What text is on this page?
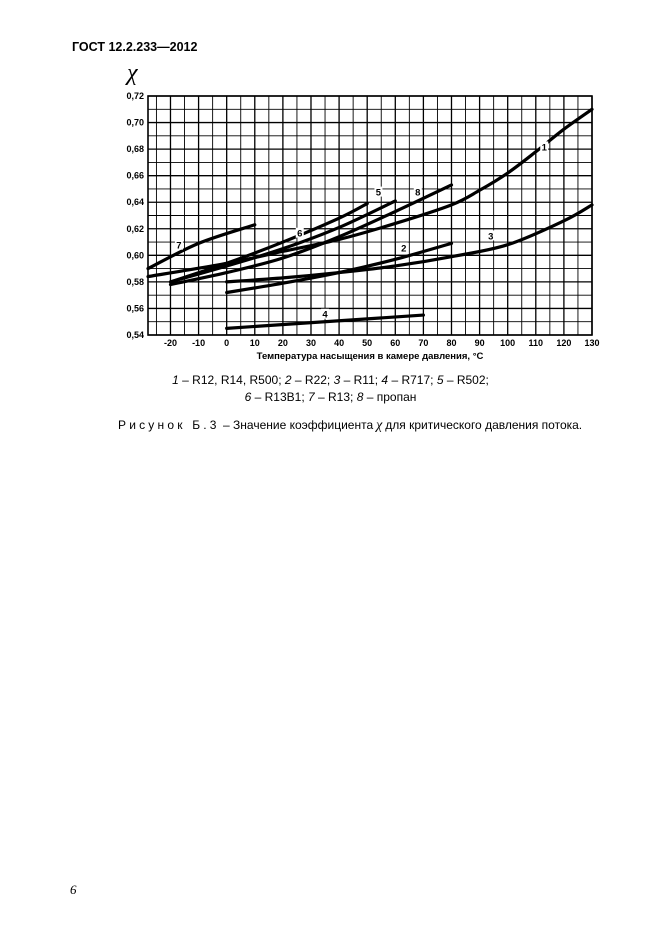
ГОСТ 12.2.233—2012
χ
-20 -10 0 10 20 30 40 50 60 70 80 90 100 110 120 130
0,54
0,56
0,58
0,60
0,62
0,64
0,66
0,68
0,70
0,72
1
2
3
4
5
6
7
8
Температура насыщения в камере давления, °С
1 – R12, R14, R500; 2 – R22; 3 – R11; 4 – R717; 5 – R502;
6 – R13B1; 7 – R13; 8 – пропан
Рисунок Б.3 – Значение коэффициента χ для критического давления потока.
6
